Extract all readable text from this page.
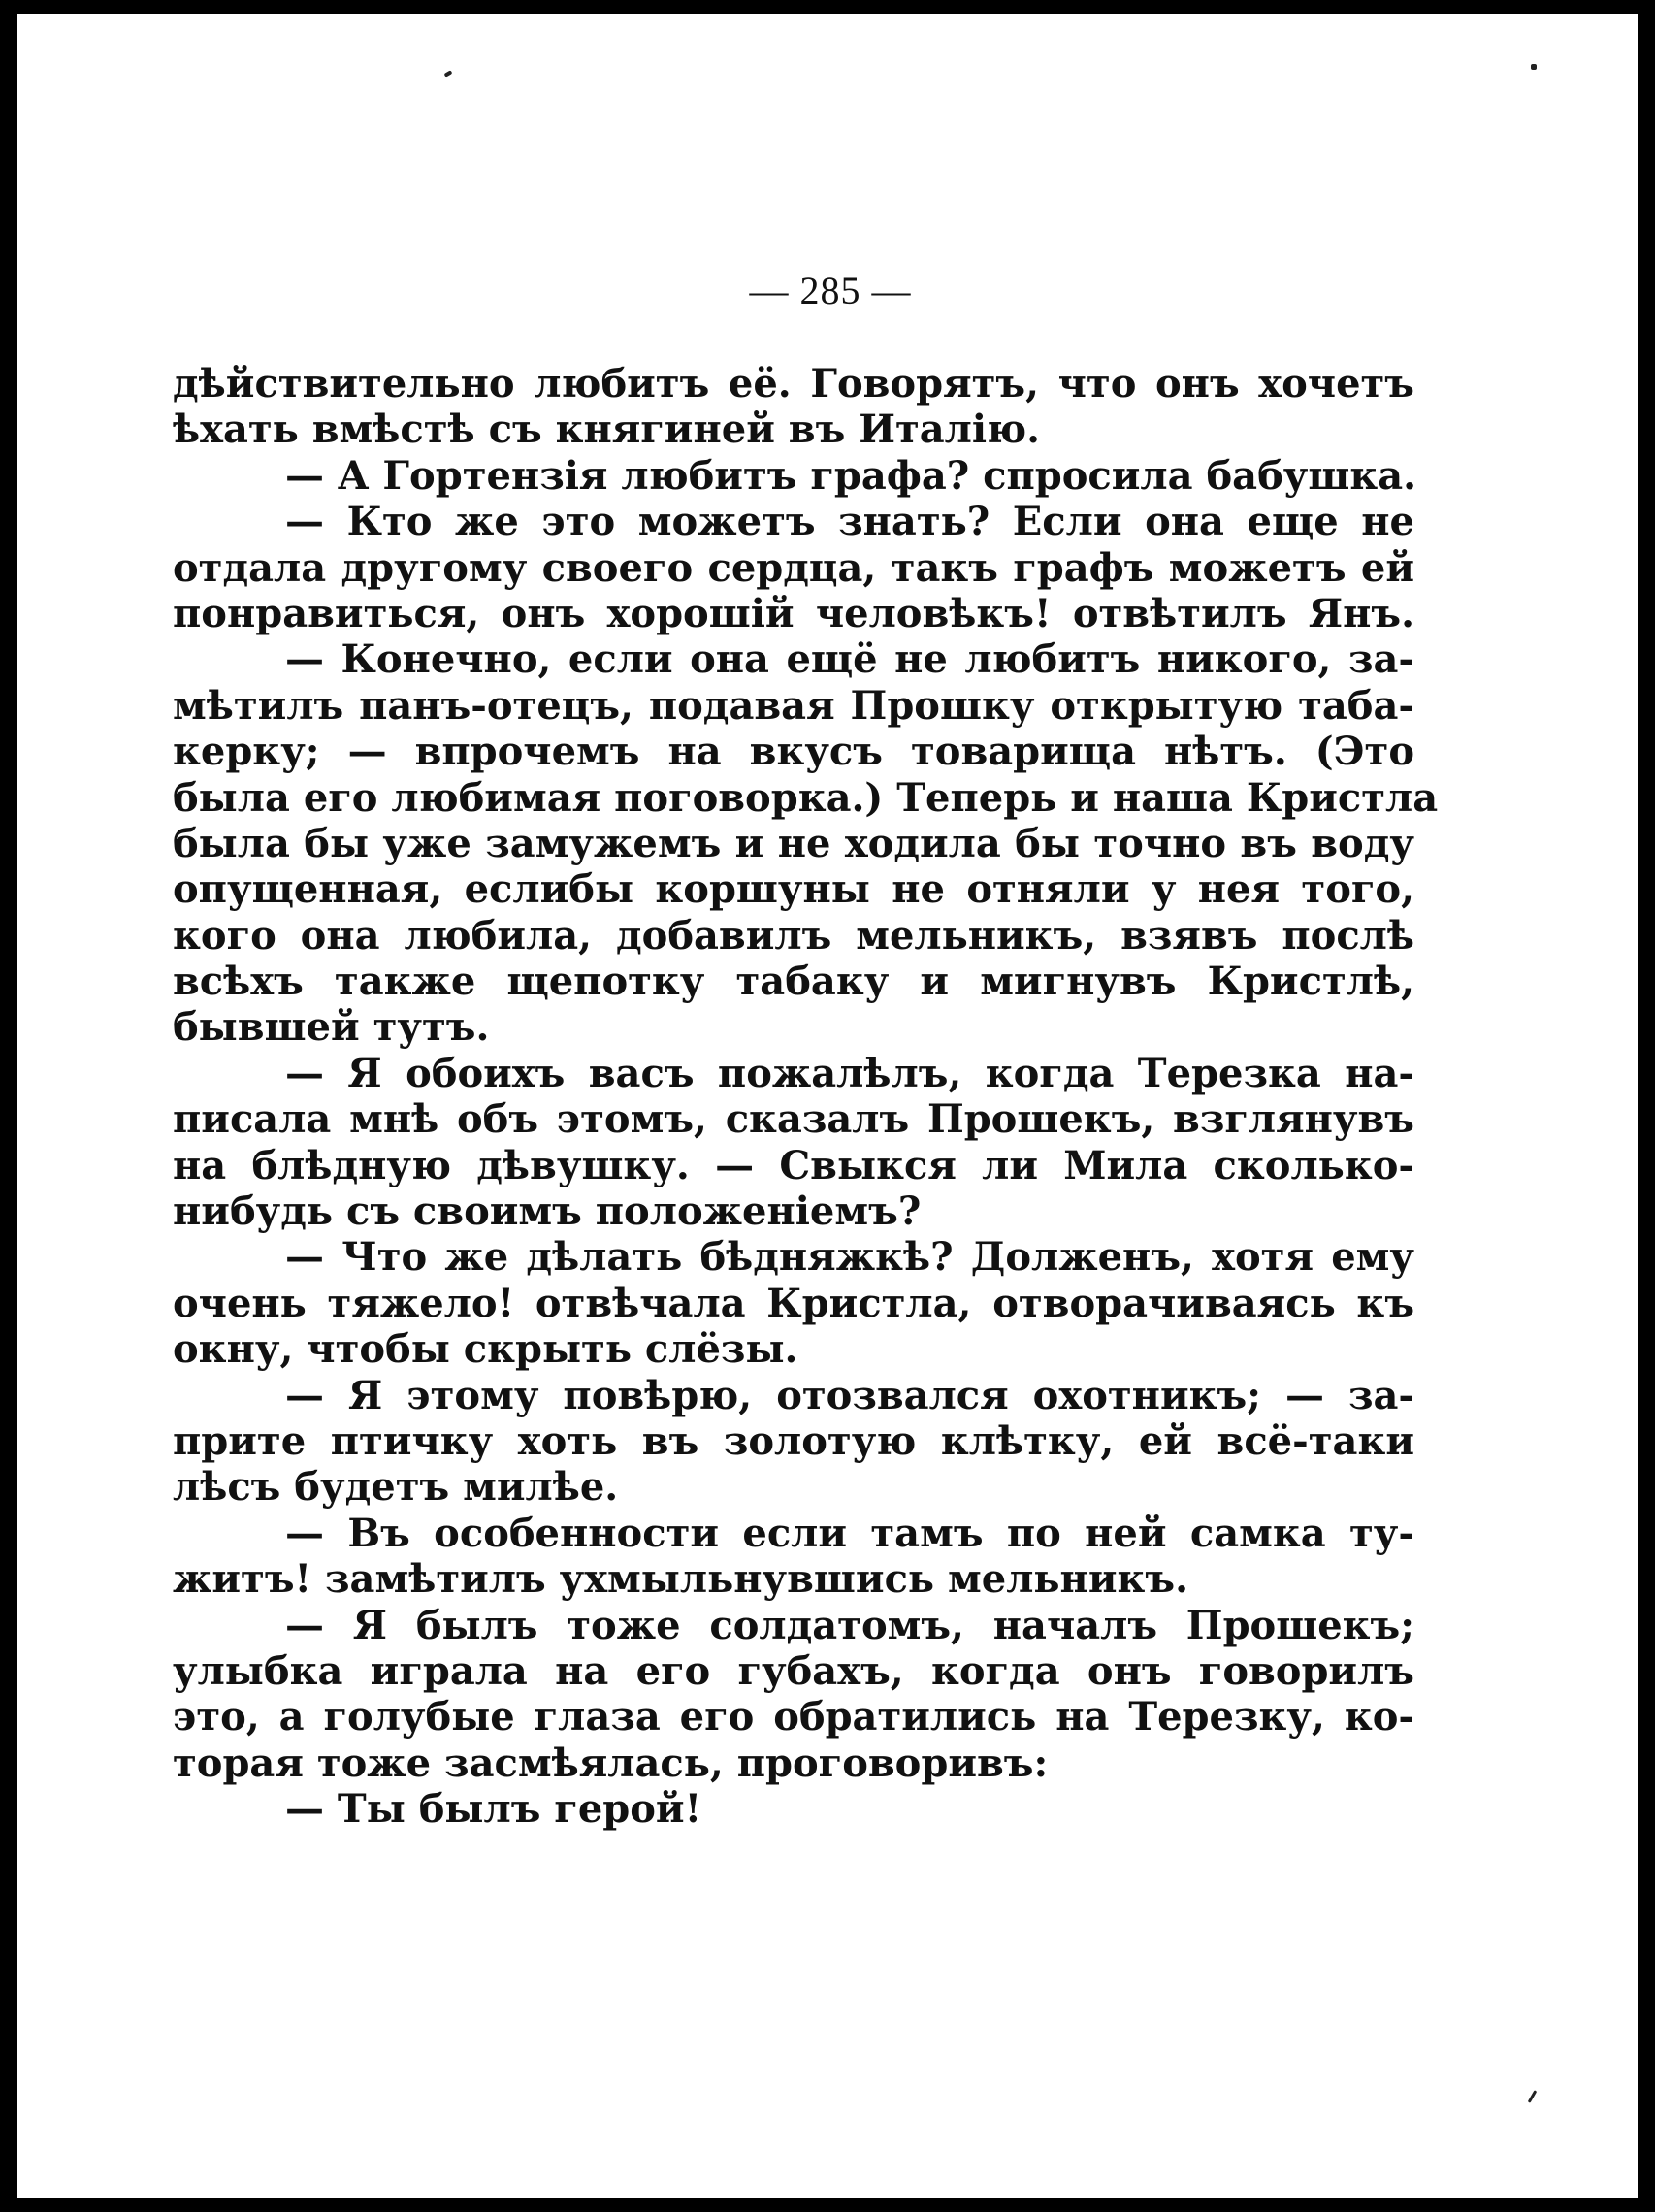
— 285 —
дѣйствительно любитъ её. Говорятъ, что онъ хочетъ
ѣхать вмѣстѣ съ княгиней въ Италію.
— А Гортензія любитъ графа? спросила бабушка.
— Кто же это можетъ знать? Если она еще не
отдала другому своего сердца, такъ графъ можетъ ей
понравиться, онъ хорошій человѣкъ! отвѣтилъ Янъ.
— Конечно, если она ещё не любитъ никого, за-
мѣтилъ панъ-отецъ, подавая Прошку открытую таба-
керку; — впрочемъ на вкусъ товарища нѣтъ. (Это
была его любимая поговорка.) Теперь и наша Кристла
была бы уже замужемъ и не ходила бы точно въ воду
опущенная, еслибы коршуны не отняли у нея того,
кого она любила, добавилъ мельникъ, взявъ послѣ
всѣхъ также щепотку табаку и мигнувъ Кристлѣ,
бывшей тутъ.
— Я обоихъ васъ пожалѣлъ, когда Терезка на-
писала мнѣ объ этомъ, сказалъ Прошекъ, взглянувъ
на блѣдную дѣвушку. — Свыкся ли Мила сколько-
нибудь съ своимъ положеніемъ?
— Что же дѣлать бѣдняжкѣ? Долженъ, хотя ему
очень тяжело! отвѣчала Кристла, отворачиваясь къ
окну, чтобы скрыть слёзы.
— Я этому повѣрю, отозвался охотникъ; — за-
прите птичку хоть въ золотую клѣтку, ей всё-таки
лѣсъ будетъ милѣе.
— Въ особенности если тамъ по ней самка ту-
житъ! замѣтилъ ухмыльнувшись мельникъ.
— Я былъ тоже солдатомъ, началъ Прошекъ;
улыбка играла на его губахъ, когда онъ говорилъ
это, а голубые глаза его обратились на Терезку, ко-
торая тоже засмѣялась, проговоривъ:
— Ты былъ герой!
